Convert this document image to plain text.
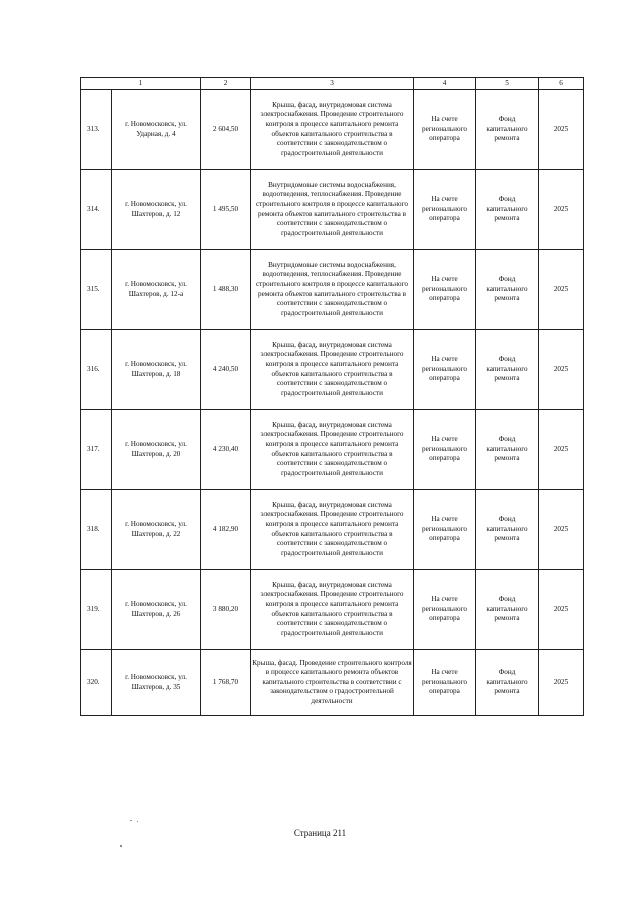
1		2	3	4	5	6
313.	г. Новомосковск, ул. Ударная, д. 4	2 604,50	Крыша, фасад, внутридомовая система электроснабжения. Проведение строительного контроля в процессе капитального ремонта объектов капитального строительства в соответствии с законодательством о градостроительной деятельности	На счете регионального оператора	Фонд капитального ремонта	2025
314.	г. Новомосковск, ул. Шахтеров, д. 12	1 495,50	Внутридомовые системы водоснабжения, водоотведения, теплоснабжения. Проведение строительного контроля в процессе капитального ремонта объектов капитального строительства в соответствии с законодательством о градостроительной деятельности	На счете регионального оператора	Фонд капитального ремонта	2025
315.	г. Новомосковск, ул. Шахтеров, д. 12-а	1 488,30	Внутридомовые системы водоснабжения, водоотведения, теплоснабжения. Проведение строительного контроля в процессе капитального ремонта объектов капитального строительства в соответствии с законодательством о градостроительной деятельности	На счете регионального оператора	Фонд капитального ремонта	2025
316.	г. Новомосковск, ул. Шахтеров, д. 18	4 240,50	Крыша, фасад, внутридомовая система электроснабжения. Проведение строительного контроля в процессе капитального ремонта объектов капитального строительства в соответствии с законодательством о градостроительной деятельности	На счете регионального оператора	Фонд капитального ремонта	2025
317.	г. Новомосковск, ул. Шахтеров, д. 20	4 230,40	Крыша, фасад, внутридомовая система электроснабжения. Проведение строительного контроля в процессе капитального ремонта объектов капитального строительства в соответствии с законодательством о градостроительной деятельности	На счете регионального оператора	Фонд капитального ремонта	2025
318.	г. Новомосковск, ул. Шахтеров, д. 22	4 182,90	Крыша, фасад, внутридомовая система электроснабжения. Проведение строительного контроля в процессе капитального ремонта объектов капитального строительства в соответствии с законодательством о градостроительной деятельности	На счете регионального оператора	Фонд капитального ремонта	2025
319.	г. Новомосковск, ул. Шахтеров, д. 26	3 880,20	Крыша, фасад, внутридомовая система электроснабжения. Проведение строительного контроля в процессе капитального ремонта объектов капитального строительства в соответствии с законодательством о градостроительной деятельности	На счете регионального оператора	Фонд капитального ремонта	2025
320.	г. Новомосковск, ул. Шахтеров, д. 35	1 768,70	Крыша, фасад. Проведение строительного контроля в процессе капитального ремонта объектов капитального строительства в соответствии с законодательством о градостроительной деятельности	На счете регионального оператора	Фонд капитального ремонта	2025
Страница 211
